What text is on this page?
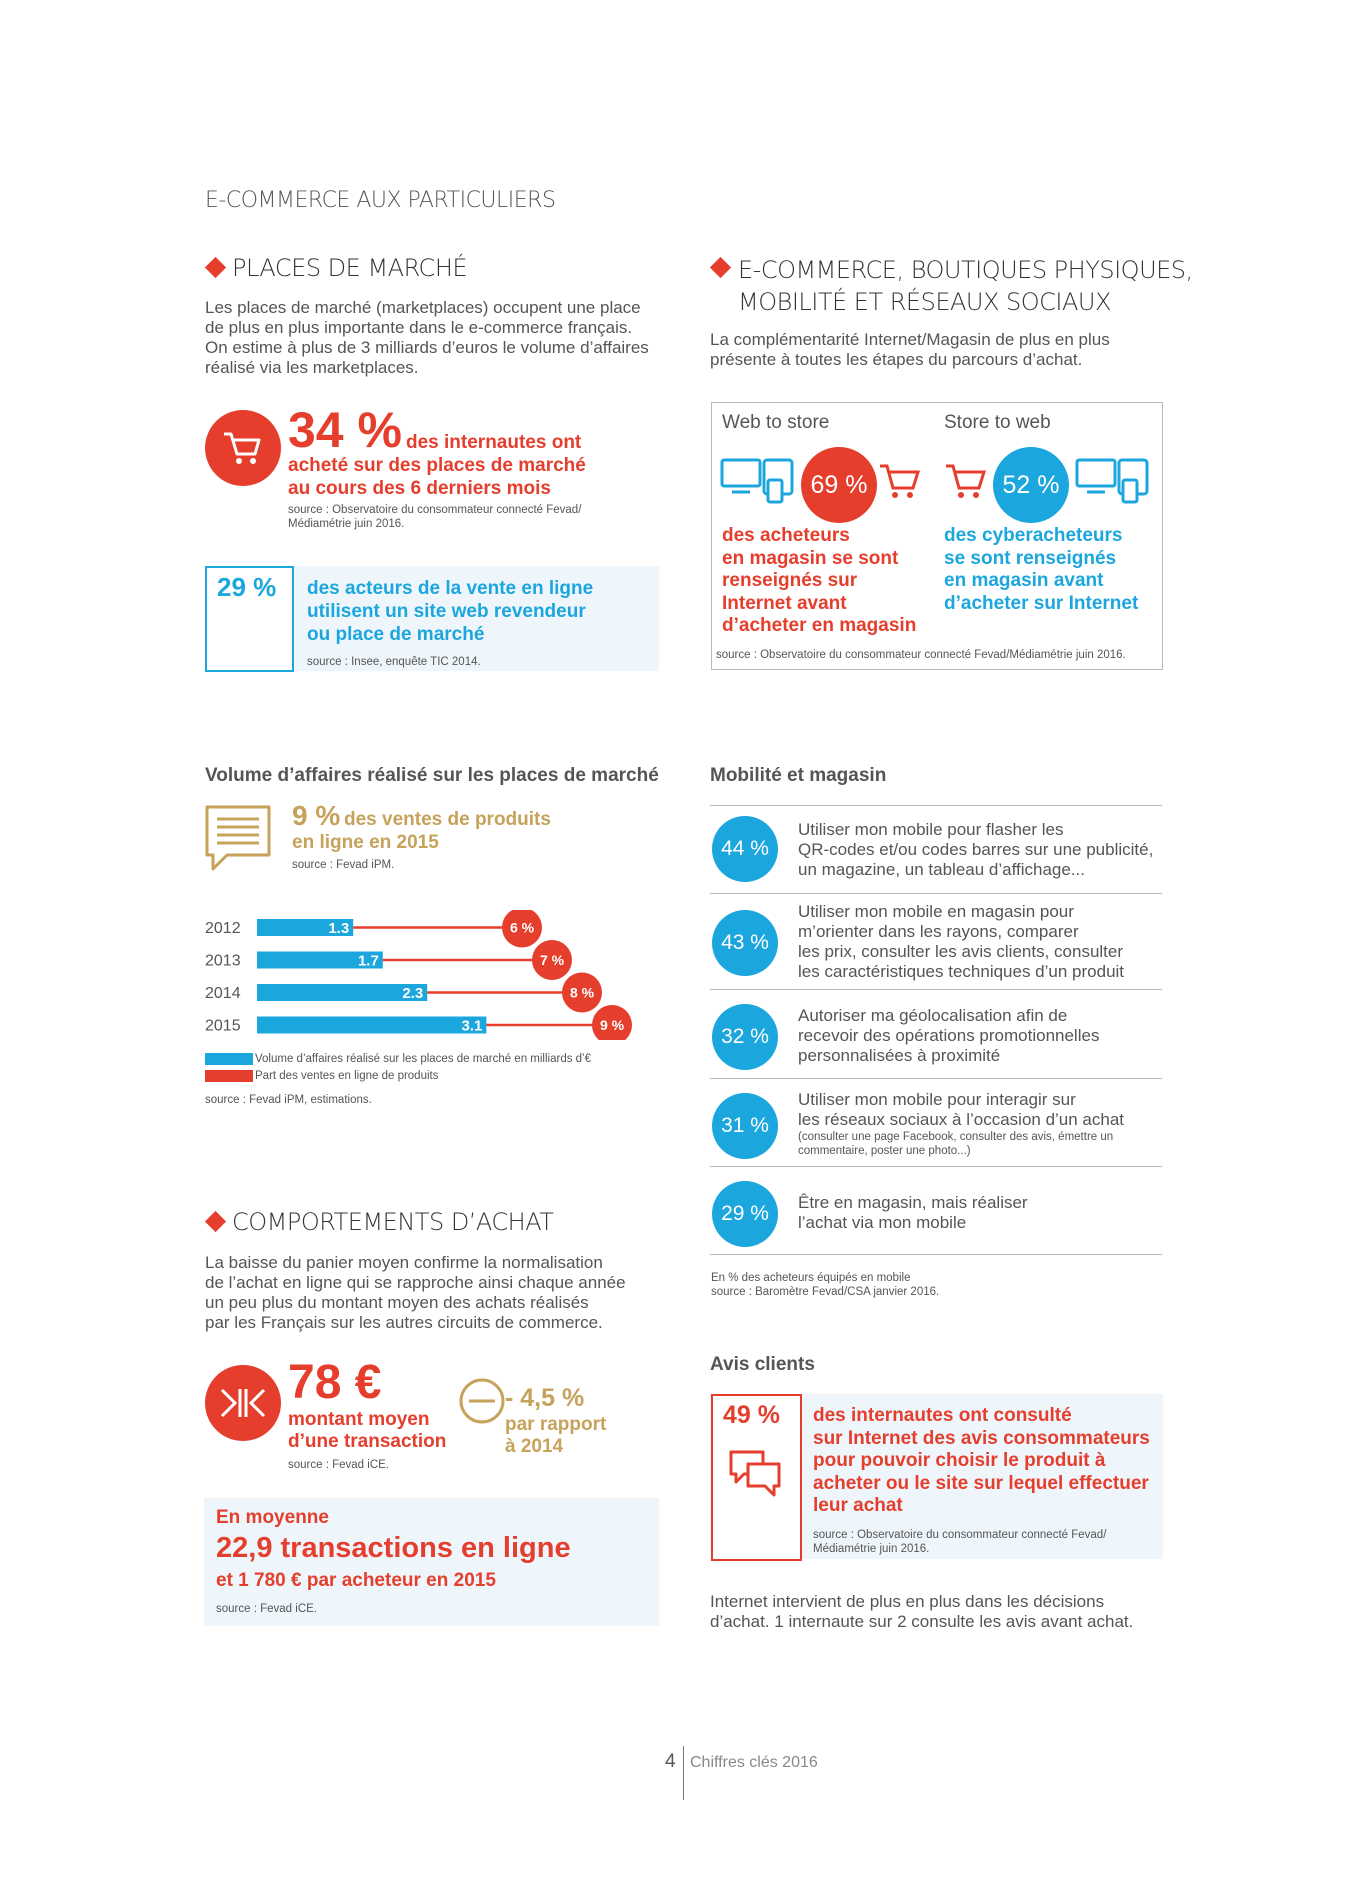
E-COMMERCE AUX PARTICULIERS
PLACES DE MARCHÉ
Les places de marché (marketplaces) occupent une place
de plus en plus importante dans le e-commerce français.
On estime à plus de 3 milliards d’euros le volume d’affaires
réalisé via les marketplaces.
34 % des internautes ont
acheté sur des places de marché
au cours des 6 derniers mois
source : Observatoire du consommateur connecté Fevad/
Médiamétrie juin 2016.
29 % des acteurs de la vente en ligne
utilisent un site web revendeur
ou place de marché
source : Insee, enquête TIC 2014.
E-COMMERCE, BOUTIQUES PHYSIQUES,
MOBILITÉ ET RÉSEAUX SOCIAUX
La complémentarité Internet/Magasin de plus en plus
présente à toutes les étapes du parcours d’achat.
Web to store	Store to web
69 %	52 %
des acheteurs
en magasin se sont
renseignés sur
Internet avant
d’acheter en magasin
des cyberacheteurs
se sont renseignés
en magasin avant
d’acheter sur Internet
source : Observatoire du consommateur connecté Fevad/Médiamétrie juin 2016.
Volume d’affaires réalisé sur les places de marché
9 % des ventes de produits
en ligne en 2015
source : Fevad iPM.
2012	1.3	6 %
2013	1.7	7 %
2014	2.3	8 %
2015	3.1	9 %
Volume d’affaires réalisé sur les places de marché en milliards d’€
Part des ventes en ligne de produits
source : Fevad iPM, estimations.
COMPORTEMENTS D’ACHAT
La baisse du panier moyen confirme la normalisation
de l’achat en ligne qui se rapproche ainsi chaque année
un peu plus du montant moyen des achats réalisés
par les Français sur les autres circuits de commerce.
78 €
montant moyen
d’une transaction
source : Fevad iCE.
- 4,5 %
par rapport
à 2014
En moyenne
22,9 transactions en ligne
et 1 780 € par acheteur en 2015
source : Fevad iCE.
Mobilité et magasin
44 %
Utiliser mon mobile pour flasher les
QR-codes et/ou codes barres sur une publicité,
un magazine, un tableau d’affichage...
43 %
Utiliser mon mobile en magasin pour
m’orienter dans les rayons, comparer
les prix, consulter les avis clients, consulter
les caractéristiques techniques d’un produit
32 %
Autoriser ma géolocalisation afin de
recevoir des opérations promotionnelles
personnalisées à proximité
31 %
Utiliser mon mobile pour interagir sur
les réseaux sociaux à l’occasion d’un achat
(consulter une page Facebook, consulter des avis, émettre un
commentaire, poster une photo...)
29 % Être en magasin, mais réaliser
l’achat via mon mobile
En % des acheteurs équipés en mobile
source : Baromètre Fevad/CSA janvier 2016.
Avis clients
49 % des internautes ont consulté
sur Internet des avis consommateurs
pour pouvoir choisir le produit à
acheter ou le site sur lequel effectuer
leur achat
source : Observatoire du consommateur connecté Fevad/
Médiamétrie juin 2016.
Internet intervient de plus en plus dans les décisions
d’achat. 1 internaute sur 2 consulte les avis avant achat.
4 Chiffres clés 2016
